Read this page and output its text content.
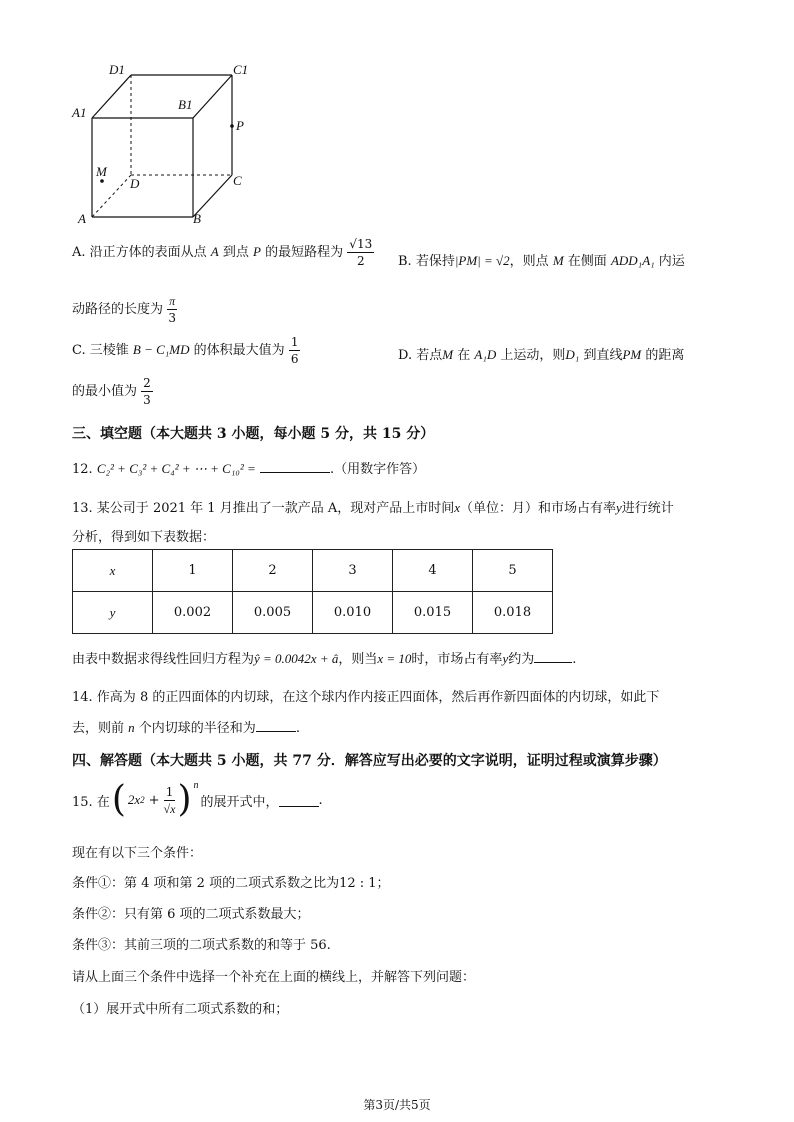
D1	C1
A1
B1
P
M
D	C
A	B
A. 沿正方体的表面从点 A 到点 P 的最短路程为 $\frac{√13}{2} B$. 若保持|PM| = √2，则点 M 在侧面 ADD₁A₁ 内运
动路径的长度为 $\frac{\pi}{3}$
C. 三棱锥 B − C₁MD 的体积最大值为 $\frac{1}{6}$	D. 若点M 在 A₁D 上运动，则D₁ 到直线PM 的距离
的最小值为 $\frac{2}{3}$
三、填空题（本大题共 3 小题，每小题 5 分，共 15 分）
12. C₂² + C₃² + C₄² + ⋯ + C₁₀² =	.（用数字作答）
13. 某公司于 2021 年 1 月推出了一款产品 A，现对产品上市时间x（单位：月）和市场占有率y进行统计
分析，得到如下表数据：
x	1	2	3	4	5
y	0.002	0.005	0.010	0.015	0.018
由表中数据求得线性回归方程为ŷ = 0.0042x + â，则当x = 10时，市场占有率y约为	.
14. 作高为 8 的正四面体的内切球，在这个球内作内接正四面体，然后再作新四面体的内切球，如此下
去，则前 n 个内切球的半径和为	.
四、解答题（本大题共 5 小题，共 77 分．解答应写出必要的文字说明，证明过程或演算步骤）
15. 在 ( 2x $2 + \frac{1}{√x}$ ) n
的展开式中，	.
现在有以下三个条件：
条件①：第 4 项和第 2 项的二项式系数之比为12 : 1；
条件②：只有第 6 项的二项式系数最大；
条件③：其前三项的二项式系数的和等于 56.
请从上面三个条件中选择一个补充在上面的横线上，并解答下列问题：
（1）展开式中所有二项式系数的和；
第3页/共5页
